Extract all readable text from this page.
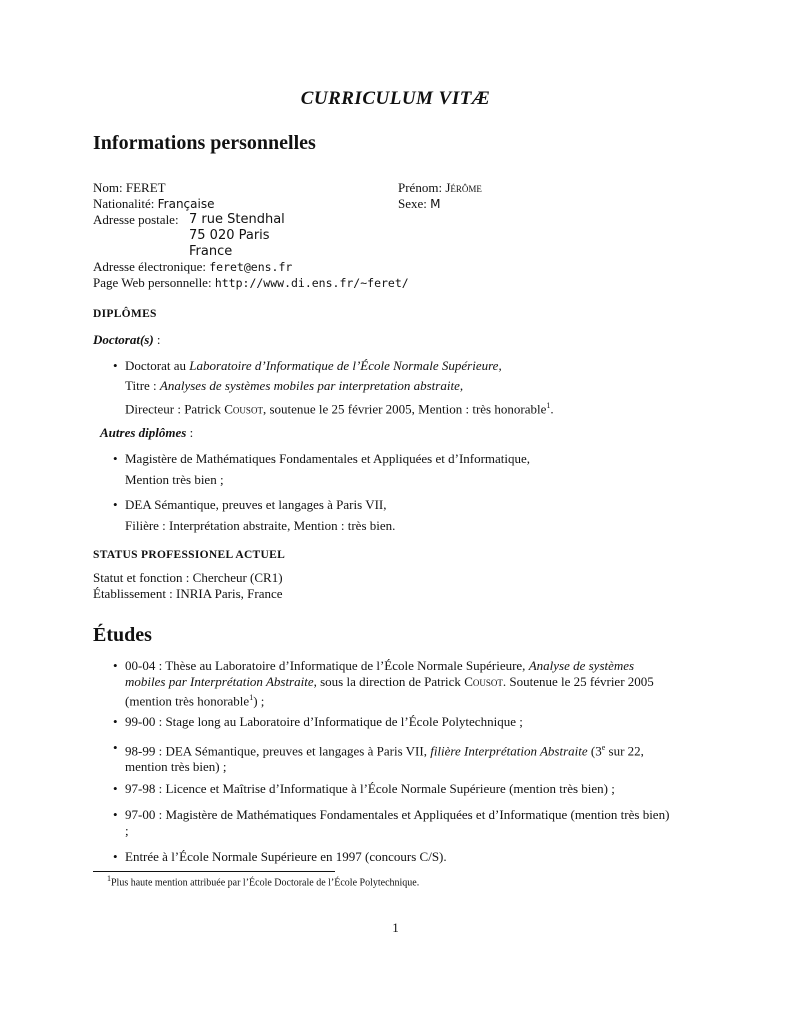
CURRICULUM VITÆ
Informations personnelles
Nom: FERET	Prénom: Jérôme
Nationalité: Française	Sexe: M
Adresse postale: 7 rue Stendhal
75 020 Paris
France
Adresse électronique: feret@ens.fr
Page Web personnelle: http://www.di.ens.fr/~feret/
DIPLÔMES
Doctorat(s) :
• Doctorat au Laboratoire d’Informatique de l’École Normale Supérieure,
Titre : Analyses de systèmes mobiles par interpretation abstraite,
Directeur : Patrick Cousot, soutenue le 25 février 2005, Mention : très honorable$^1$.
Autres diplômes :
• Magistère de Mathématiques Fondamentales et Appliquées et d’Informatique,
Mention très bien ;
• DEA Sémantique, preuves et langages à Paris VII,
Filière : Interprétation abstraite, Mention : très bien.
STATUS PROFESSIONEL ACTUEL
Statut et fonction : Chercheur (CR1)
Établissement : INRIA Paris, France
Études
• 00-04 : Thèse au Laboratoire d’Informatique de l’École Normale Supérieure, Analyse de systèmes mobiles par Interprétation Abstraite, sous la direction de Patrick Cousot. Soutenue le 25 février 2005 (mention très honorable$^1$) ;
• 99-00 : Stage long au Laboratoire d’Informatique de l’École Polytechnique ;
• 98-99 : DEA Sémantique, preuves et langages à Paris VII, filière Interprétation Abstraite (3e sur 22, mention très bien) ;
• 97-98 : Licence et Maîtrise d’Informatique à l’École Normale Supérieure (mention très bien) ;
• 97-00 : Magistère de Mathématiques Fondamentales et Appliquées et d’Informatique (mention très bien) ;
• Entrée à l’École Normale Supérieure en 1997 (concours C/S).
$^1$Plus haute mention attribuée par l’École Doctorale de l’École Polytechnique.
1
